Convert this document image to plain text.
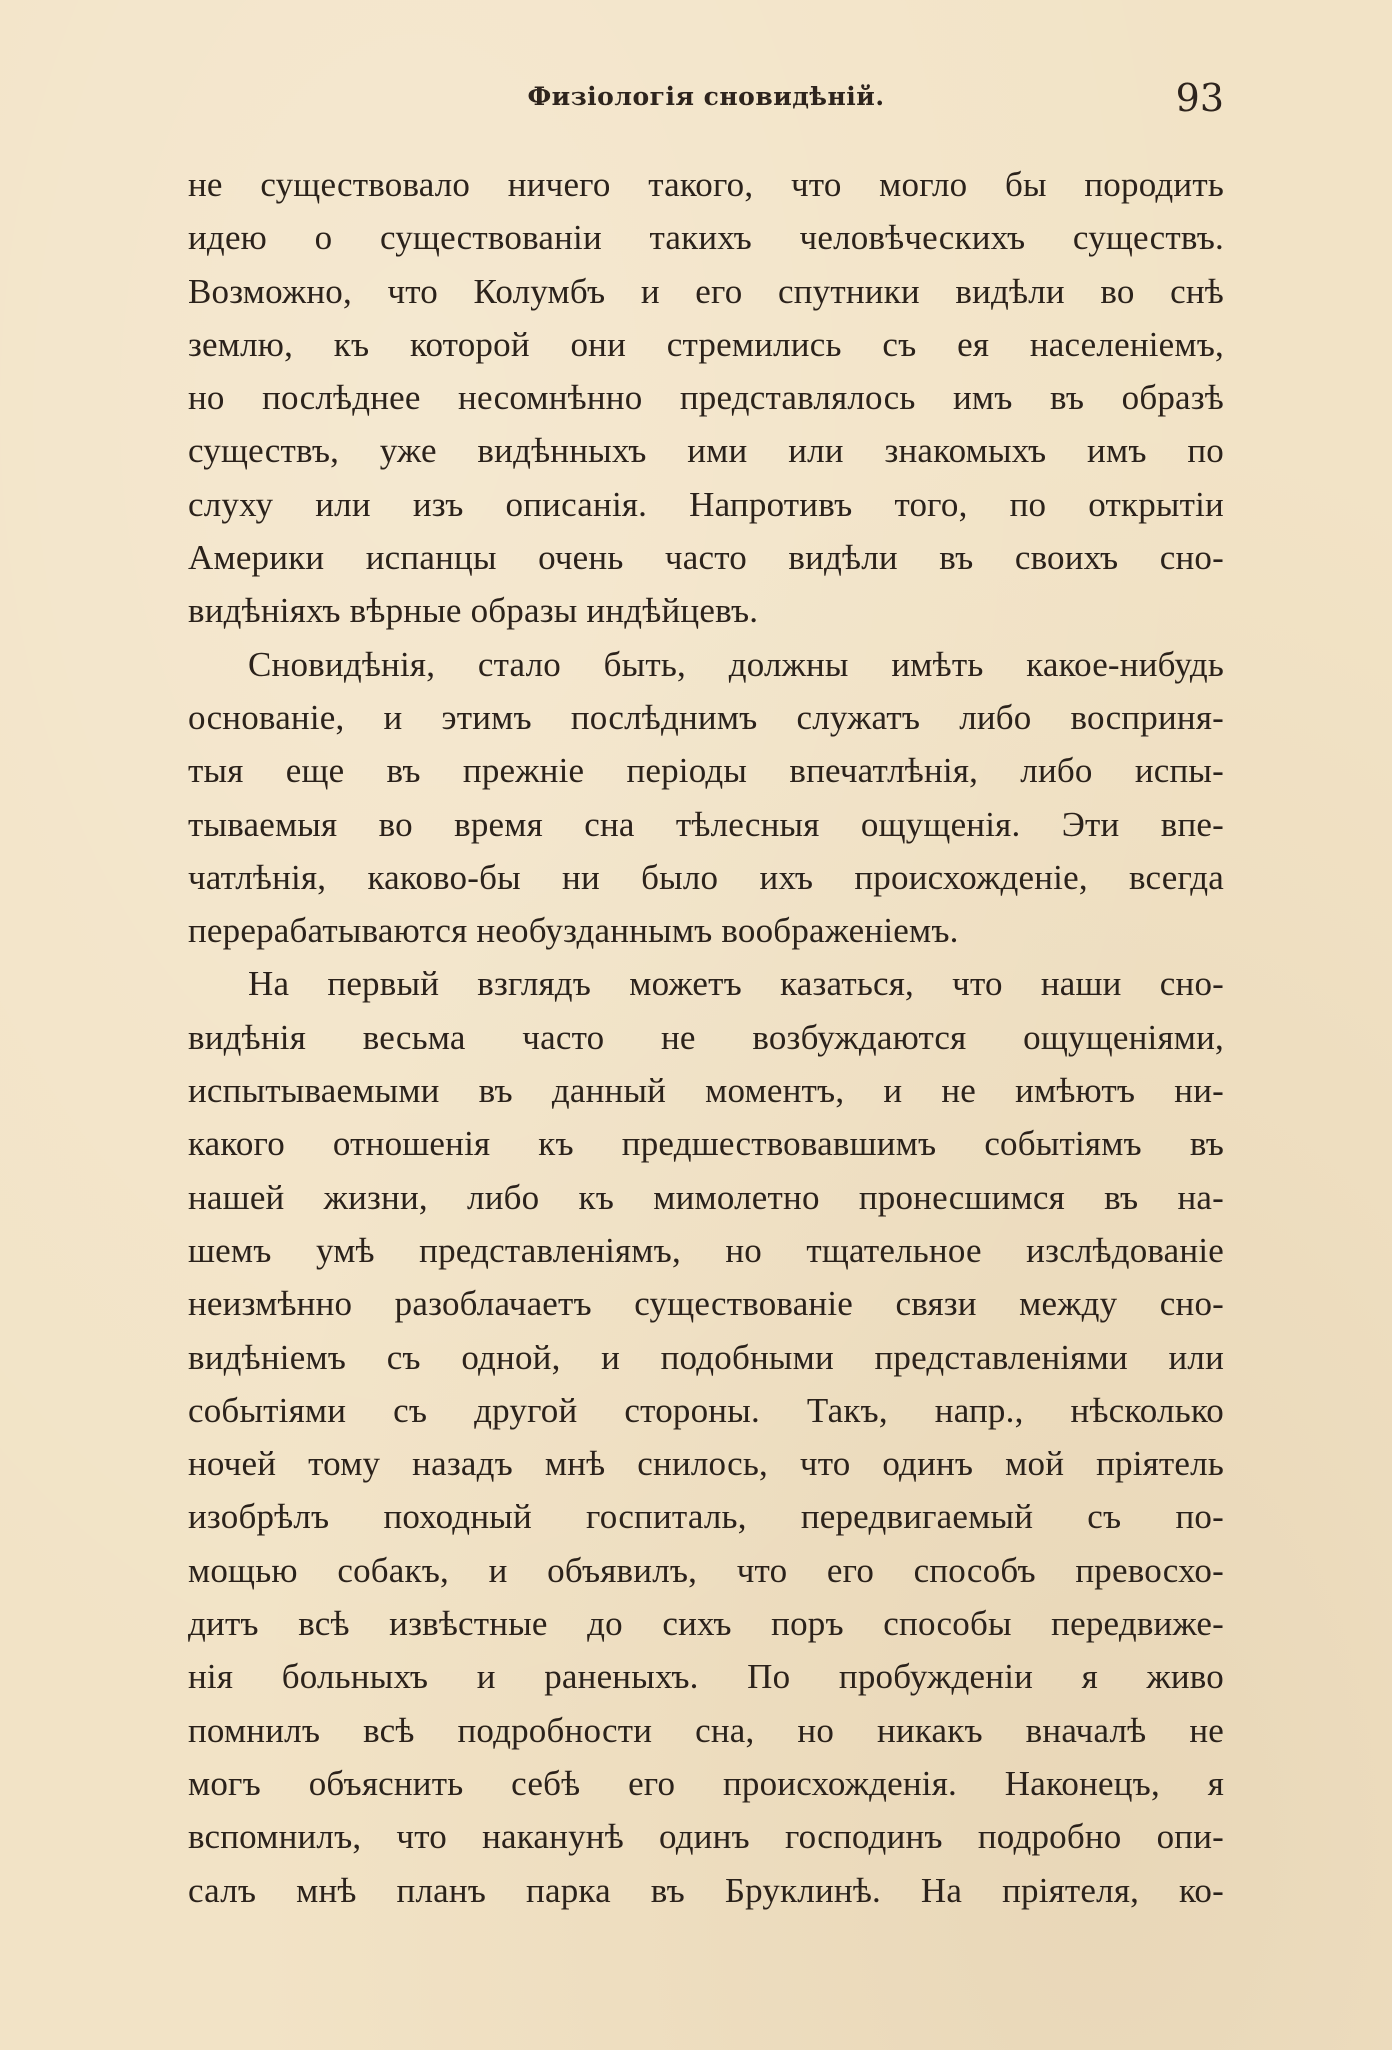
Физіологія сновидѣній.	93
не существовало ничего такого, что могло бы породить
идею о существованіи такихъ человѣческихъ существъ.
Возможно, что Колумбъ и его спутники видѣли во снѣ
землю, къ которой они стремились съ ея населеніемъ,
но послѣднее несомнѣнно представлялось имъ въ образѣ
существъ, уже видѣнныхъ ими или знакомыхъ имъ по
слуху или изъ описанія. Напротивъ того, по открытіи
Америки испанцы очень часто видѣли въ своихъ сно-
видѣніяхъ вѣрные образы индѣйцевъ.
Сновидѣнія, стало быть, должны имѣть какое-нибудь
основаніе, и этимъ послѣднимъ служатъ либо восприня-
тыя еще въ прежніе періоды впечатлѣнія, либо испы-
тываемыя во время сна тѣлесныя ощущенія. Эти впе-
чатлѣнія, каково-бы ни было ихъ происхожденіе, всегда
перерабатываются необузданнымъ воображеніемъ.
На первый взглядъ можетъ казаться, что наши сно-
видѣнія весьма часто не возбуждаются ощущеніями,
испытываемыми въ данный моментъ, и не имѣютъ ни-
какого отношенія къ предшествовавшимъ событіямъ въ
нашей жизни, либо къ мимолетно пронесшимся въ на-
шемъ умѣ представленіямъ, но тщательное изслѣдованіе
неизмѣнно разоблачаетъ существованіе связи между сно-
видѣніемъ съ одной, и подобными представленіями или
событіями съ другой стороны. Такъ, напр., нѣсколько
ночей тому назадъ мнѣ снилось, что одинъ мой пріятель
изобрѣлъ походный госпиталь, передвигаемый съ по-
мощью собакъ, и объявилъ, что его способъ превосхо-
дитъ всѣ извѣстные до сихъ поръ способы передвиже-
нія больныхъ и раненыхъ. По пробужденіи я живо
помнилъ всѣ подробности сна, но никакъ вначалѣ не
могъ объяснить себѣ его происхожденія. Наконецъ, я
вспомнилъ, что наканунѣ одинъ господинъ подробно опи-
салъ мнѣ планъ парка въ Бруклинѣ. На пріятеля, ко-
